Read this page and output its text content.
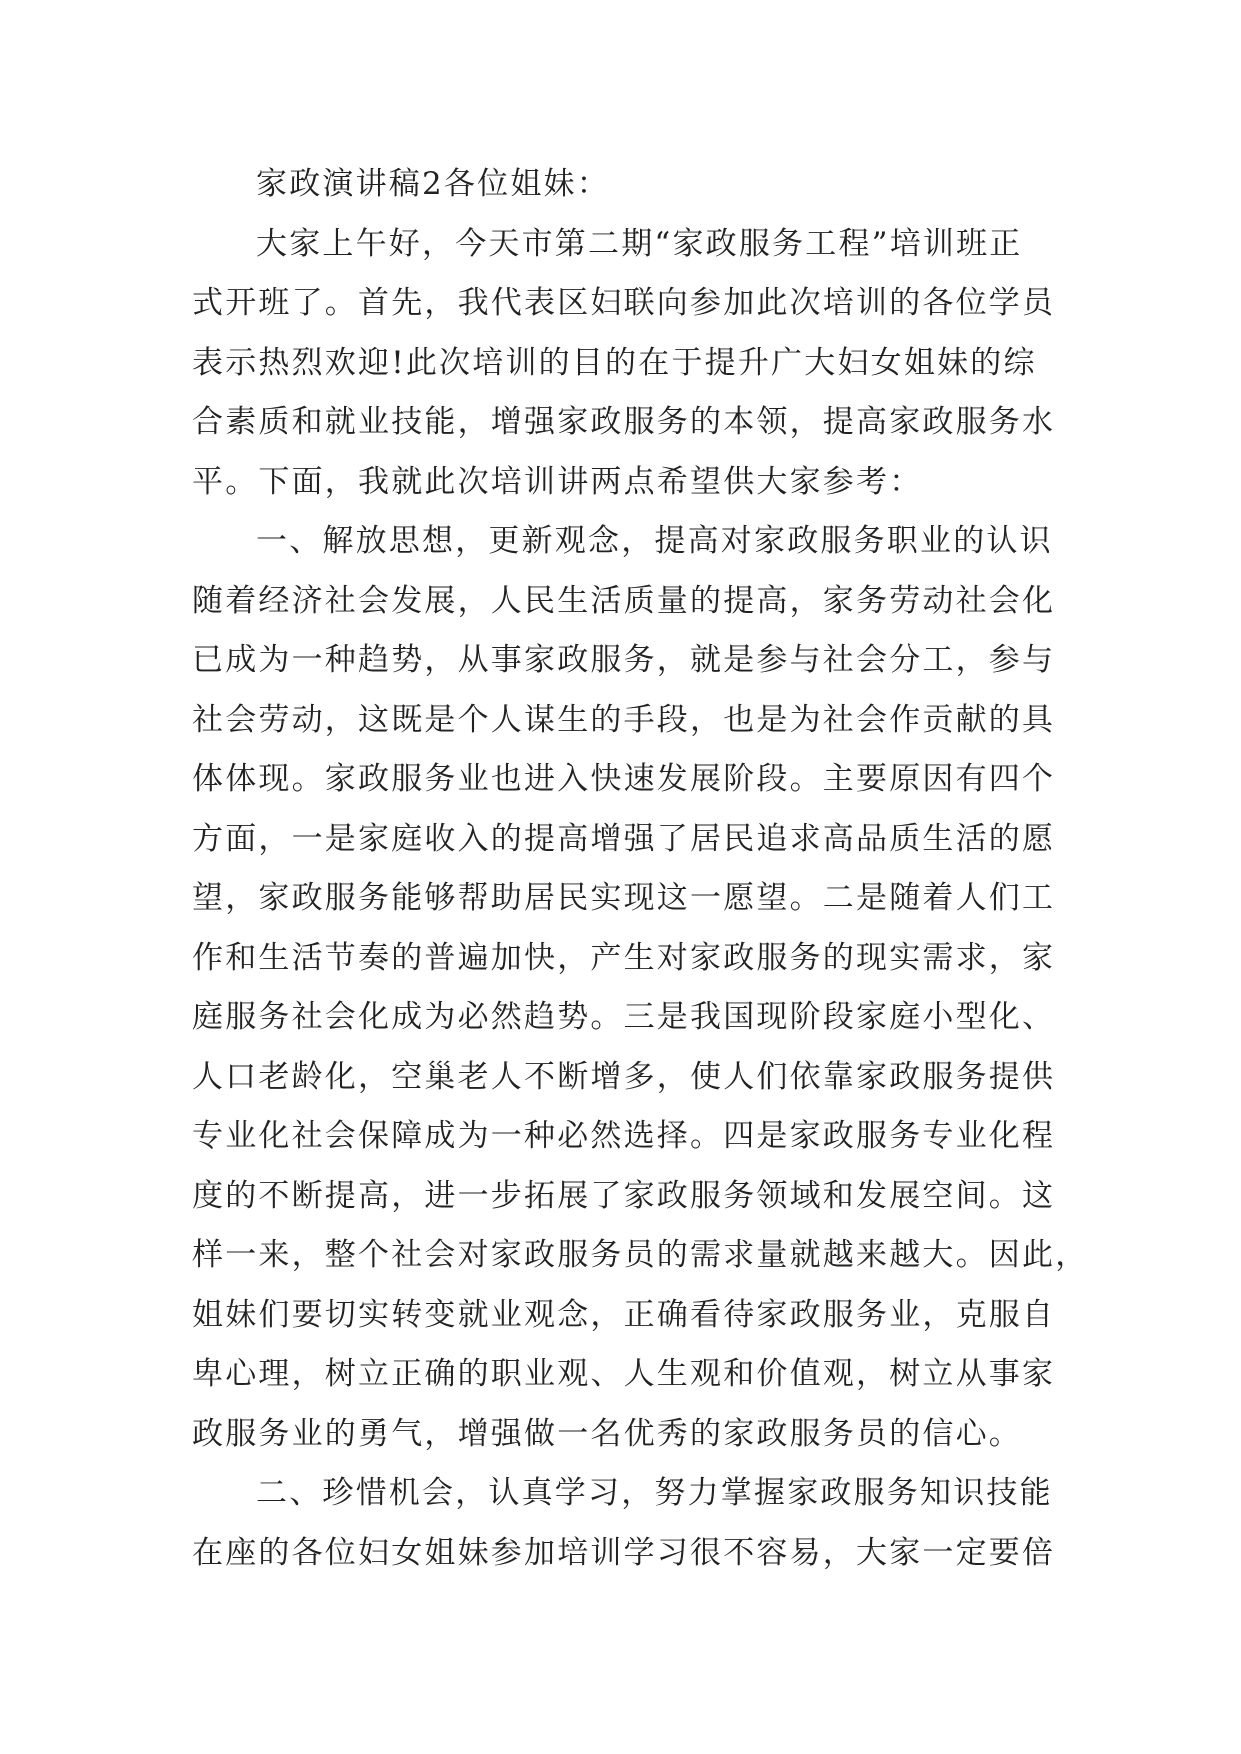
家政演讲稿2各位姐妹：
大家上午好，今天市第二期“家政服务工程”培训班正
式开班了。首先，我代表区妇联向参加此次培训的各位学员
表示热烈欢迎!此次培训的目的在于提升广大妇女姐妹的综
合素质和就业技能，增强家政服务的本领，提高家政服务水
平。下面，我就此次培训讲两点希望供大家参考：
一、解放思想，更新观念，提高对家政服务职业的认识
随着经济社会发展，人民生活质量的提高，家务劳动社会化
已成为一种趋势，从事家政服务，就是参与社会分工，参与
社会劳动，这既是个人谋生的手段，也是为社会作贡献的具
体体现。家政服务业也进入快速发展阶段。主要原因有四个
方面，一是家庭收入的提高增强了居民追求高品质生活的愿
望，家政服务能够帮助居民实现这一愿望。二是随着人们工
作和生活节奏的普遍加快，产生对家政服务的现实需求，家
庭服务社会化成为必然趋势。三是我国现阶段家庭小型化、
人口老龄化，空巢老人不断增多，使人们依靠家政服务提供
专业化社会保障成为一种必然选择。四是家政服务专业化程
度的不断提高，进一步拓展了家政服务领域和发展空间。这
样一来，整个社会对家政服务员的需求量就越来越大。因此，
姐妹们要切实转变就业观念，正确看待家政服务业，克服自
卑心理，树立正确的职业观、人生观和价值观，树立从事家
政服务业的勇气，增强做一名优秀的家政服务员的信心。
二、珍惜机会，认真学习，努力掌握家政服务知识技能
在座的各位妇女姐妹参加培训学习很不容易，大家一定要倍
